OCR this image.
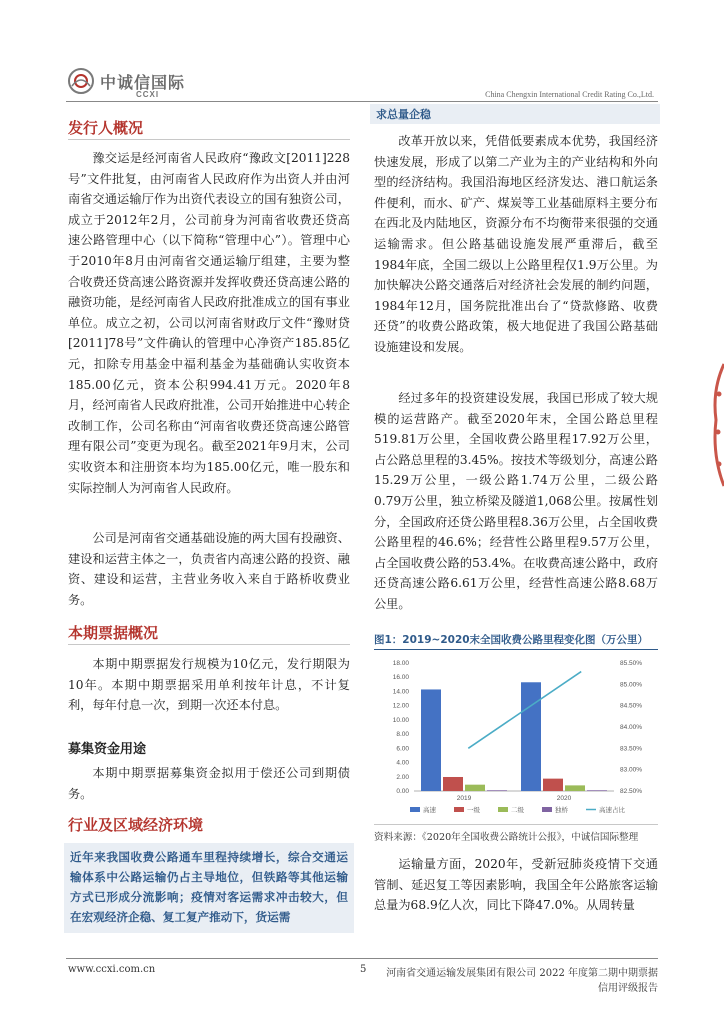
中诚信国际
CCXI	China Chengxin International Credit Rating Co.,Ltd.
发行人概况

豫交运是经河南省人民政府“豫政文[2011]228号”文件批复，由河南省人民政府作为出资人并由河南省交通运输厅作为出资代表设立的国有独资公司，成立于2012年2月，公司前身为河南省收费还贷高速公路管理中心（以下简称“管理中心”）。管理中心于2010年8月由河南省交通运输厅组建，主要为整合收费还贷高速公路资源并发挥收费还贷高速公路的融资功能，是经河南省人民政府批准成立的国有事业单位。成立之初，公司以河南省财政厅文件“豫财贷[2011]78号”文件确认的管理中心净资产185.85亿元，扣除专用基金中福利基金为基础确认实收资本185.00亿元，资本公积994.41万元。2020年8月，经河南省人民政府批准，公司开始推进中心转企改制工作，公司名称由“河南省收费还贷高速公路管理有限公司”变更为现名。截至2021年9月末，公司实收资本和注册资本均为185.00亿元，唯一股东和实际控制人为河南省人民政府。

公司是河南省交通基础设施的两大国有投融资、建设和运营主体之一，负责省内高速公路的投资、融资、建设和运营，主营业务收入来自于路桥收费业务。

本期票据概况

本期中期票据发行规模为10亿元，发行期限为10年。本期中期票据采用单利按年计息，不计复利，每年付息一次，到期一次还本付息。

募集资金用途

本期中期票据募集资金拟用于偿还公司到期债务。

行业及区域经济环境
近年来我国收费公路通车里程持续增长，综合交通运输体系中公路运输仍占主导地位，但铁路等其他运输方式已形成分流影响；疫情对客运需求冲击较大，但在宏观经济企稳、复工复产推动下，货运需
求总量企稳

改革开放以来，凭借低要素成本优势，我国经济快速发展，形成了以第二产业为主的产业结构和外向型的经济结构。我国沿海地区经济发达、港口航运条件便利，而水、矿产、煤炭等工业基础原料主要分布在西北及内陆地区，资源分布不均衡带来很强的交通运输需求。但公路基础设施发展严重滞后，截至1984年底，全国二级以上公路里程仅1.9万公里。为加快解决公路交通落后对经济社会发展的制约问题，1984年12月，国务院批准出台了“贷款修路、收费还贷”的收费公路政策，极大地促进了我国公路基础设施建设和发展。

经过多年的投资建设发展，我国已形成了较大规模的运营路产。截至2020年末，全国公路总里程519.81万公里，全国收费公路里程17.92万公里，占公路总里程的3.45%。按技术等级划分，高速公路15.29万公里，一级公路1.74万公里，二级公路0.79万公里，独立桥梁及隧道1,068公里。按属性划分，全国政府还贷公路里程8.36万公里，占全国收费公路里程的46.6%；经营性公路里程9.57万公里，占全国收费公路的53.4%。在收费高速公路中，政府还贷高速公路6.61万公里，经营性高速公路8.68万公里。

图1：2019~2020末全国收费公路里程变化图（万公里）
0.00
2.00
4.00
6.00
8.00
10.00
12.00
14.00
16.00
18.00
82.50%
83.00%
83.50%
84.00%
84.50%
85.00%
85.50%
2019	2020
高速	一级	二级	独桥	高速占比
资料来源：《2020年全国收费公路统计公报》，中诚信国际整理

运输量方面，2020年，受新冠肺炎疫情下交通管制、延迟复工等因素影响，我国全年公路旅客运输总量为68.9亿人次，同比下降47.0%。从周转量

www.ccxi.com.cn	5 河南省交通运输发展集团有限公司 2022 年度第二期中期票据
信用评级报告
